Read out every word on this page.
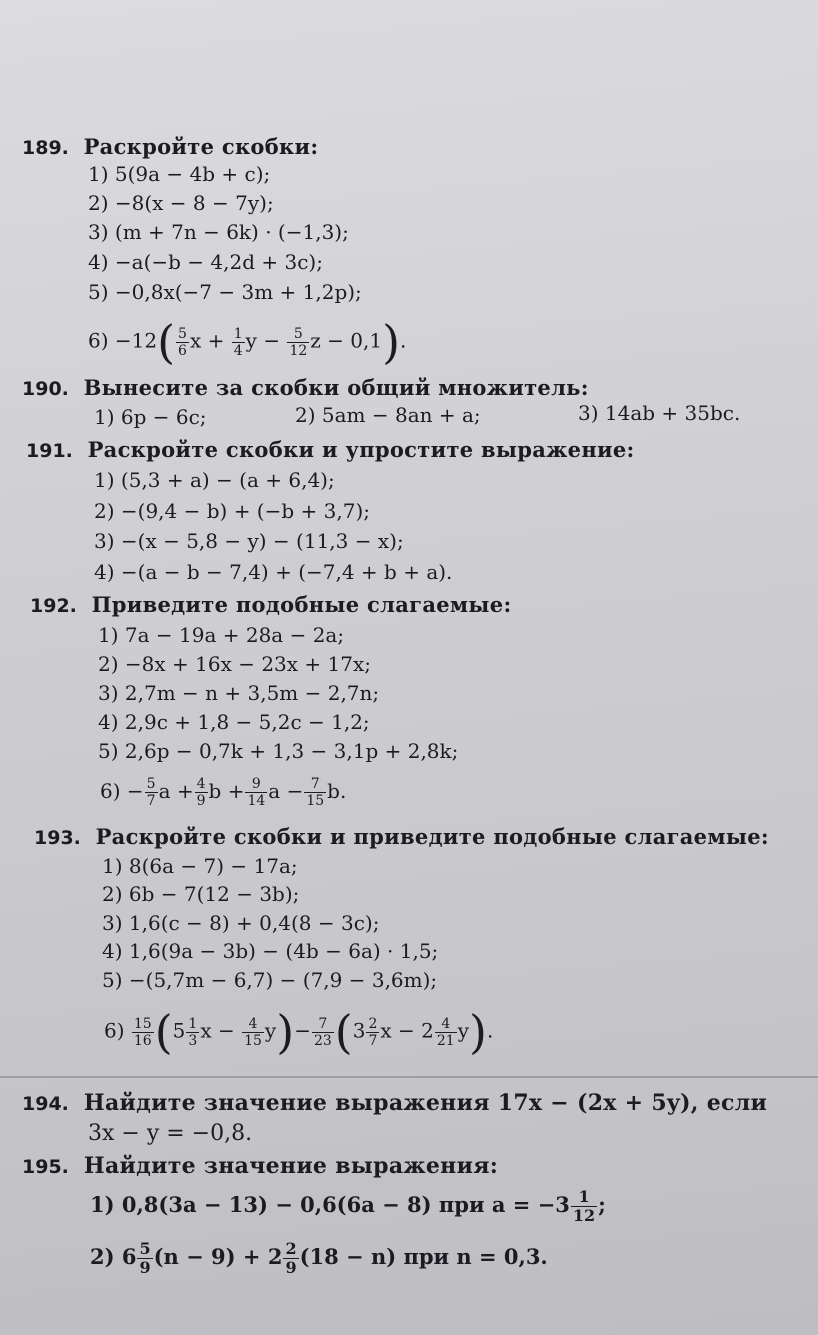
189. Раскройте скобки:
1) 5(9a − 4b + c);
2) −8(x − 8 − 7y);
3) (m + 7n − 6k) · (−1,3);
4) −a(−b − 4,2d + 3c);
5) −0,8x(−7 − 3m + 1,2p);
$6) -12( \frac{5}{6}$ $x + \frac{1}{4}$ $y - \frac{5}{12}$ z − 0,1).
190. Вынесите за скобки общий множитель:
1) 6p − 6c;	2) 5am − 8an + a;	3) 14ab + 35bc.
191. Раскройте скобки и упростите выражение:
1) (5,3 + a) − (a + 6,4);
2) −(9,4 − b) + (−b + 3,7);
3) −(x − 5,8 − y) − (11,3 − x);
4) −(a − b − 7,4) + (−7,4 + b + a).
192. Приведите подобные слагаемые:
1) 7a − 19a + 28a − 2a;
2) −8x + 16x − 23x + 17x;
3) 2,7m − n + 3,5m − 2,7n;
4) 2,9c + 1,8 − 5,2c − 1,2;
5) 2,6p − 0,7k + 1,3 − 3,1p + 2,8k;
$6) - \frac{5}{7}$ $a + \frac{4}{9}$ $b + \frac{9}{14}$ $a - \frac{7}{15} b$.
193. Раскройте скобки и приведите подобные слагаемые:
1) 8(6a − 7) − 17a;
2) 6b − 7(12 − 3b);
3) 1,6(c − 8) + 0,4(8 − 3c);
4) 1,6(9a − 3b) − (4b − 6a) · 1,5;
5) −(5,7m − 6,7) − (7,9 − 3,6m);
$6) \frac{15}{16} (5 \frac{1}{3}$ $x - \frac{4}{15} y)- \frac{7}{23} (3 \frac{2}{7}$ $x - 2 \frac{4}{21} y$).
194. Найдите значение выражения 17x − (2x + 5y), если
3x − y = −0,8.
195. Найдите значение выражения:
1) 0,8(3a − 13) − 0,6(6a − 8) при $a = -3 \frac{1}{12}$ ;
2) $6 \frac{5}{9} (n - 9) + 2 \frac{2}{9} (18 - n)$ при n = 0,3.
